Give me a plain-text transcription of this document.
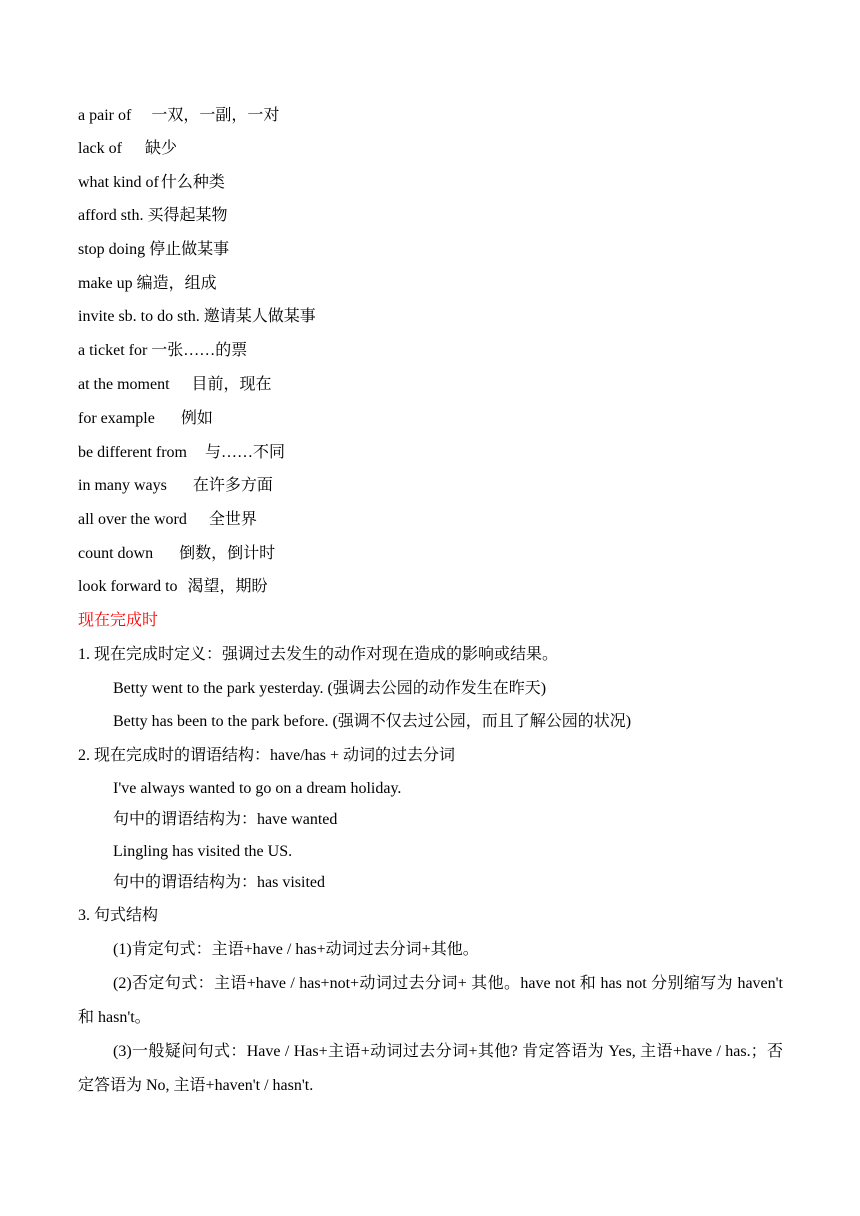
a pair of 一双，一副，一对
lack of 缺少
what kind of 什么种类
afford sth. 买得起某物
stop doing 停止做某事
make up 编造，组成
invite sb. to do sth. 邀请某人做某事
a ticket for 一张……的票
at the moment 目前，现在
for example 例如
be different from 与……不同
in many ways 在许多方面
all over the word 全世界
count down 倒数，倒计时
look forward to 渴望，期盼
现在完成时
1. 现在完成时定义：强调过去发生的动作对现在造成的影响或结果。
Betty went to the park yesterday. (强调去公园的动作发生在昨天)
Betty has been to the park before. (强调不仅去过公园，而且了解公园的状况)
2. 现在完成时的谓语结构：have/has + 动词的过去分词
I've always wanted to go on a dream holiday.
句中的谓语结构为：have wanted
Lingling has visited the US.
句中的谓语结构为：has visited
3. 句式结构
(1)肯定句式：主语+have / has+动词过去分词+其他。
(2)否定句式：主语+have / has+not+动词过去分词+ 其他。have not 和 has not 分别缩写为 haven't 和 hasn't。
(3)一般疑问句式：Have / Has+主语+动词过去分词+其他? 肯定答语为 Yes, 主语+have / has.；否定答语为 No, 主语+haven't / hasn't.
